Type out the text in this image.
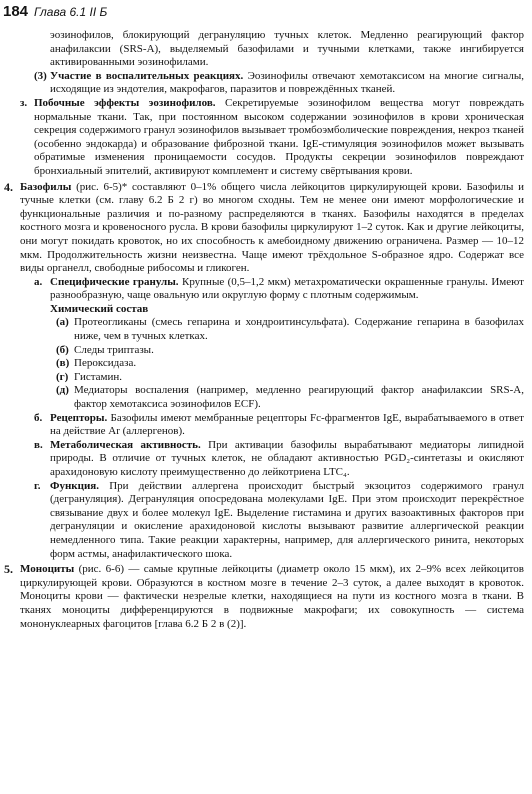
184 Глава 6.1 II Б
эозинофилов, блокирующий дегрануляцию тучных клеток. Медленно реагирующий фактор анафилаксии (SRS-A), выделяемый базофилами и тучными клетками, также ингибируется активированными эозинофилами.
(3) Участие в воспалительных реакциях. Эозинофилы отвечают хемотаксисом на многие сигналы, исходящие из эндотелия, макрофагов, паразитов и повреждённых тканей.
з. Побочные эффекты эозинофилов. Секретируемые эозинофилом вещества могут повреждать нормальные ткани. Так, при постоянном высоком содержании эозинофилов в крови хроническая секреция содержимого гранул эозинофилов вызывает тромбоэмболические повреждения, некроз тканей (особенно эндокарда) и образование фиброзной ткани. IgE-стимуляция эозинофилов может вызывать обратимые изменения проницаемости сосудов. Продукты секреции эозинофилов повреждают бронхиальный эпителий, активируют комплемент и систему свёртывания крови.
4. Базофилы (рис. 6-5)* составляют 0–1% общего числа лейкоцитов циркулирующей крови. Базофилы и тучные клетки (см. главу 6.2 Б 2 г) во многом сходны. Тем не менее они имеют морфологические и функциональные различия и по-разному распределяются в тканях. Базофилы находятся в пределах костного мозга и кровеносного русла. В крови базофилы циркулируют 1–2 суток. Как и другие лейкоциты, они могут покидать кровоток, но их способность к амебоидному движению ограничена. Размер — 10–12 мкм. Продолжительность жизни неизвестна. Чаще имеют трёхдольное S-образное ядро. Содержат все виды органелл, свободные рибосомы и гликоген.
а. Специфические гранулы. Крупные (0,5–1,2 мкм) метахроматически окрашенные гранулы. Имеют разнообразную, чаще овальную или округлую форму с плотным содержимым.
Химический состав
(а) Протеогликаны (смесь гепарина и хондроитинсульфата). Содержание гепарина в базофилах ниже, чем в тучных клетках.
(б) Следы триптазы.
(в) Пероксидаза.
(г) Гистамин.
(д) Медиаторы воспаления (например, медленно реагирующий фактор анафилаксии SRS-A, фактор хемотаксиса эозинофилов ECF).
б. Рецепторы. Базофилы имеют мембранные рецепторы Fc-фрагментов IgE, вырабатываемого в ответ на действие Ar (аллергенов).
в. Метаболическая активность. При активации базофилы вырабатывают медиаторы липидной природы. В отличие от тучных клеток, не обладают активностью PGD₂-синтетазы и окисляют арахидоновую кислоту преимущественно до лейкотриена LTC₄.
г. Функция. При действии аллергена происходит быстрый экзоцитоз содержимого гранул (дегрануляция). Дегрануляция опосредована молекулами IgE. При этом происходит перекрёстное связывание двух и более молекул IgE. Выделение гистамина и других вазоактивных факторов при дегрануляции и окисление арахидоновой кислоты вызывают развитие аллергической реакции немедленного типа. Такие реакции характерны, например, для аллергического ринита, некоторых форм астмы, анафилактического шока.
5. Моноциты (рис. 6-6) — самые крупные лейкоциты (диаметр около 15 мкм), их 2–9% всех лейкоцитов циркулирующей крови. Образуются в костном мозге в течение 2–3 суток, а далее выходят в кровоток. Моноциты крови — фактически незрелые клетки, находящиеся на пути из костного мозга в ткани. В тканях моноциты дифференцируются в подвижные макрофаги; их совокупность — система мононуклеарных фагоцитов [глава 6.2 Б 2 в (2)].
